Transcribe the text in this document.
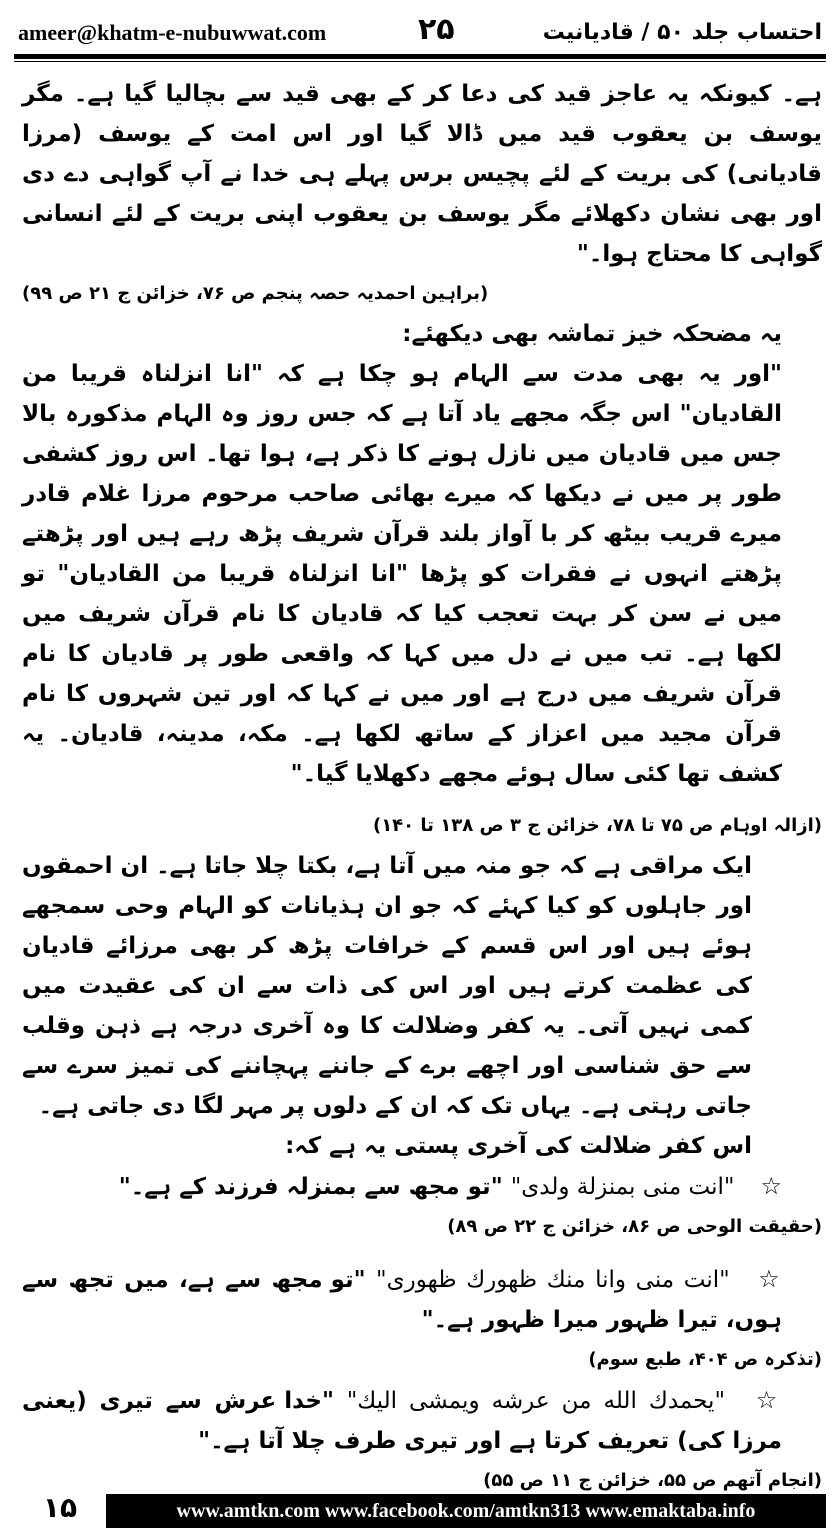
ameer@khatm-e-nubuwwat.com	۲۵	احتساب جلد ۵۰ / قادیانیت

ہے۔ کیونکہ یہ عاجز قید کی دعا کر کے بھی قید سے بچالیا گیا ہے۔ مگر یوسف بن یعقوب قید میں ڈالا گیا اور اس امت کے یوسف (مرزا قادیانی) کی بریت کے لئے پچیس برس پہلے ہی خدا نے آپ گواہی دے دی اور بھی نشان دکھلائے مگر یوسف بن یعقوب اپنی بریت کے لئے انسانی گواہی کا محتاج ہوا۔"

(براہین احمدیہ حصہ پنجم ص ۷۶، خزائن ج ۲۱ ص ۹۹)

یہ مضحکہ خیز تماشہ بھی دیکھئے:

"اور یہ بھی مدت سے الہام ہو چکا ہے کہ "انا انزلناہ قریبا من القادیان" اس جگہ مجھے یاد آتا ہے کہ جس روز وہ الہام مذکورہ بالا جس میں قادیان میں نازل ہونے کا ذکر ہے، ہوا تھا۔ اس روز کشفی طور پر میں نے دیکھا کہ میرے بھائی صاحب مرحوم مرزا غلام قادر میرے قریب بیٹھ کر با آواز بلند قرآن شریف پڑھ رہے ہیں اور پڑھتے پڑھتے انہوں نے فقرات کو پڑھا "انا انزلناہ قریبا من القادیان" تو میں نے سن کر بہت تعجب کیا کہ قادیان کا نام قرآن شریف میں لکھا ہے۔ تب میں نے دل میں کہا کہ واقعی طور پر قادیان کا نام قرآن شریف میں درج ہے اور میں نے کہا کہ اور تین شہروں کا نام قرآن مجید میں اعزاز کے ساتھ لکھا ہے۔ مکہ، مدینہ، قادیان۔ یہ کشف تھا کئی سال ہوئے مجھے دکھلایا گیا۔"

(ازالہ اوہام ص ۷۵ تا ۷۸، خزائن ج ۳ ص ۱۳۸ تا ۱۴۰)

ایک مراقی ہے کہ جو منہ میں آتا ہے، بکتا چلا جاتا ہے۔ ان احمقوں اور جاہلوں کو کیا کہئے کہ جو ان ہذیانات کو الہام وحی سمجھے ہوئے ہیں اور اس قسم کے خرافات پڑھ کر بھی مرزائے قادیان کی عظمت کرتے ہیں اور اس کی ذات سے ان کی عقیدت میں کمی نہیں آتی۔ یہ کفر وضلالت کا وہ آخری درجہ ہے ذہن وقلب سے حق شناسی اور اچھے برے کے جاننے پہچاننے کی تمیز سرے سے جاتی رہتی ہے۔ یہاں تک کہ ان کے دلوں پر مہر لگا دی جاتی ہے۔

اس کفر ضلالت کی آخری پستی یہ ہے کہ:

☆ "انت منی بمنزلة ولدی" "تو مجھ سے بمنزلہ فرزند کے ہے۔"

(حقیقت الوحی ص ۸۶، خزائن ج ۲۲ ص ۸۹)

☆ "انت منی وانا منك ظهورك ظهوری" "تو مجھ سے ہے، میں تجھ سے ہوں، تیرا ظہور میرا ظہور ہے۔"

(تذکرہ ص ۴۰۴، طبع سوم)

☆ "یحمدك الله من عرشه ویمشی الیك" "خدا عرش سے تیری (یعنی مرزا کی) تعریف کرتا ہے اور تیری طرف چلا آتا ہے۔"

(انجام آتھم ص ۵۵، خزائن ج ۱۱ ص ۵۵)

۱۵	www.amtkn.com www.facebook.com/amtkn313 www.emaktaba.info
